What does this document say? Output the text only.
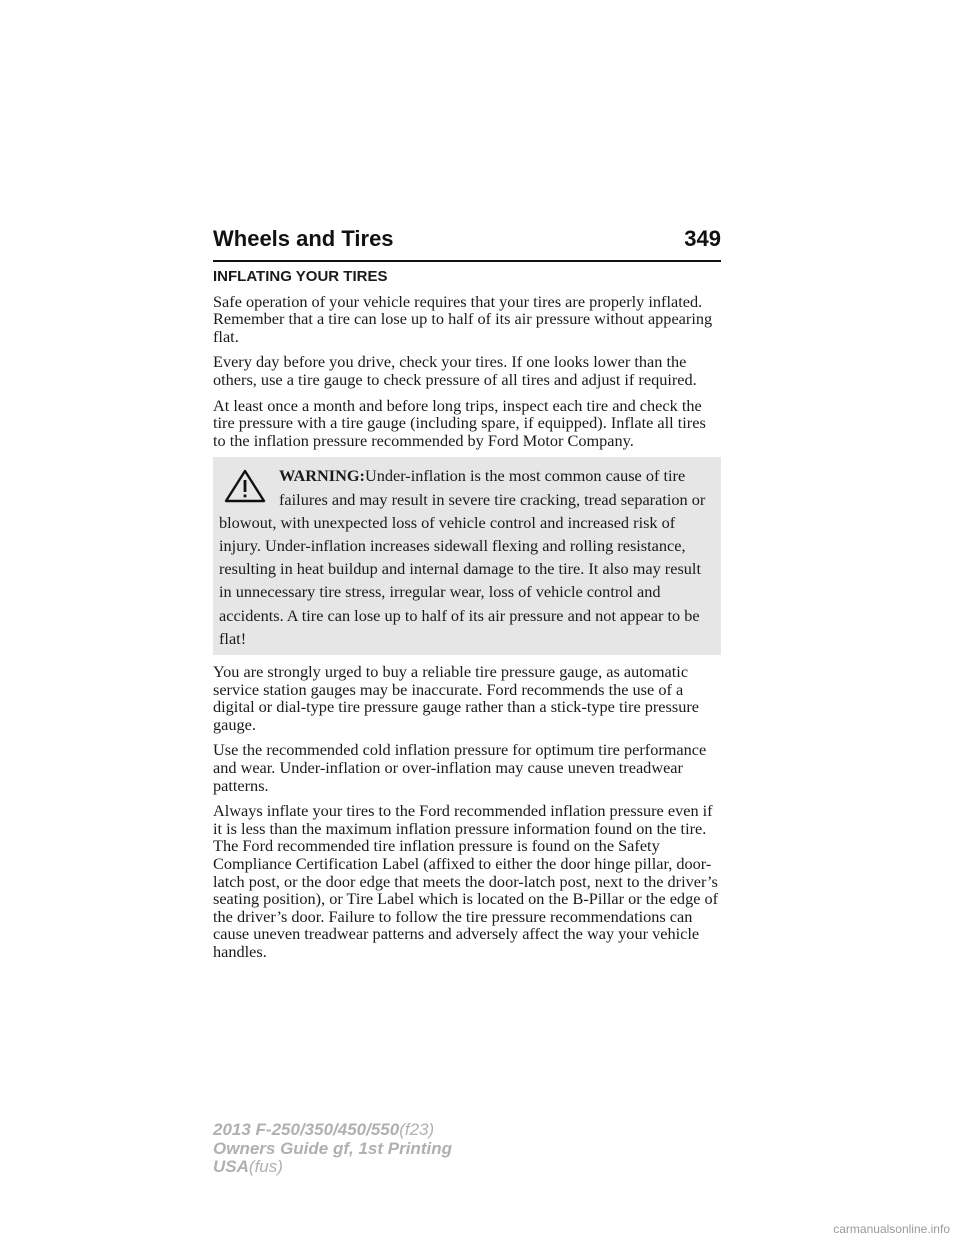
Wheels and Tires	349
INFLATING YOUR TIRES

Safe operation of your vehicle requires that your tires are properly inflated. Remember that a tire can lose up to half of its air pressure without appearing flat.

Every day before you drive, check your tires. If one looks lower than the others, use a tire gauge to check pressure of all tires and adjust if required.

At least once a month and before long trips, inspect each tire and check the tire pressure with a tire gauge (including spare, if equipped). Inflate all tires to the inflation pressure recommended by Ford Motor Company.

WARNING:Under-inflation is the most common cause of tire failures and may result in severe tire cracking, tread separation or blowout, with unexpected loss of vehicle control and increased risk of injury. Under-inflation increases sidewall flexing and rolling resistance, resulting in heat buildup and internal damage to the tire. It also may result in unnecessary tire stress, irregular wear, loss of vehicle control and accidents. A tire can lose up to half of its air pressure and not appear to be flat!

You are strongly urged to buy a reliable tire pressure gauge, as automatic service station gauges may be inaccurate. Ford recommends the use of a digital or dial-type tire pressure gauge rather than a stick-type tire pressure gauge.

Use the recommended cold inflation pressure for optimum tire performance and wear. Under-inflation or over-inflation may cause uneven treadwear patterns.

Always inflate your tires to the Ford recommended inflation pressure even if it is less than the maximum inflation pressure information found on the tire. The Ford recommended tire inflation pressure is found on the Safety Compliance Certification Label (affixed to either the door hinge pillar, door-latch post, or the door edge that meets the door-latch post, next to the driver’s seating position), or Tire Label which is located on the B-Pillar or the edge of the driver’s door. Failure to follow the tire pressure recommendations can cause uneven treadwear patterns and adversely affect the way your vehicle handles.

2013 F-250/350/450/550(f23)
Owners Guide gf, 1st Printing
USA(fus)
carmanualsonline.info
